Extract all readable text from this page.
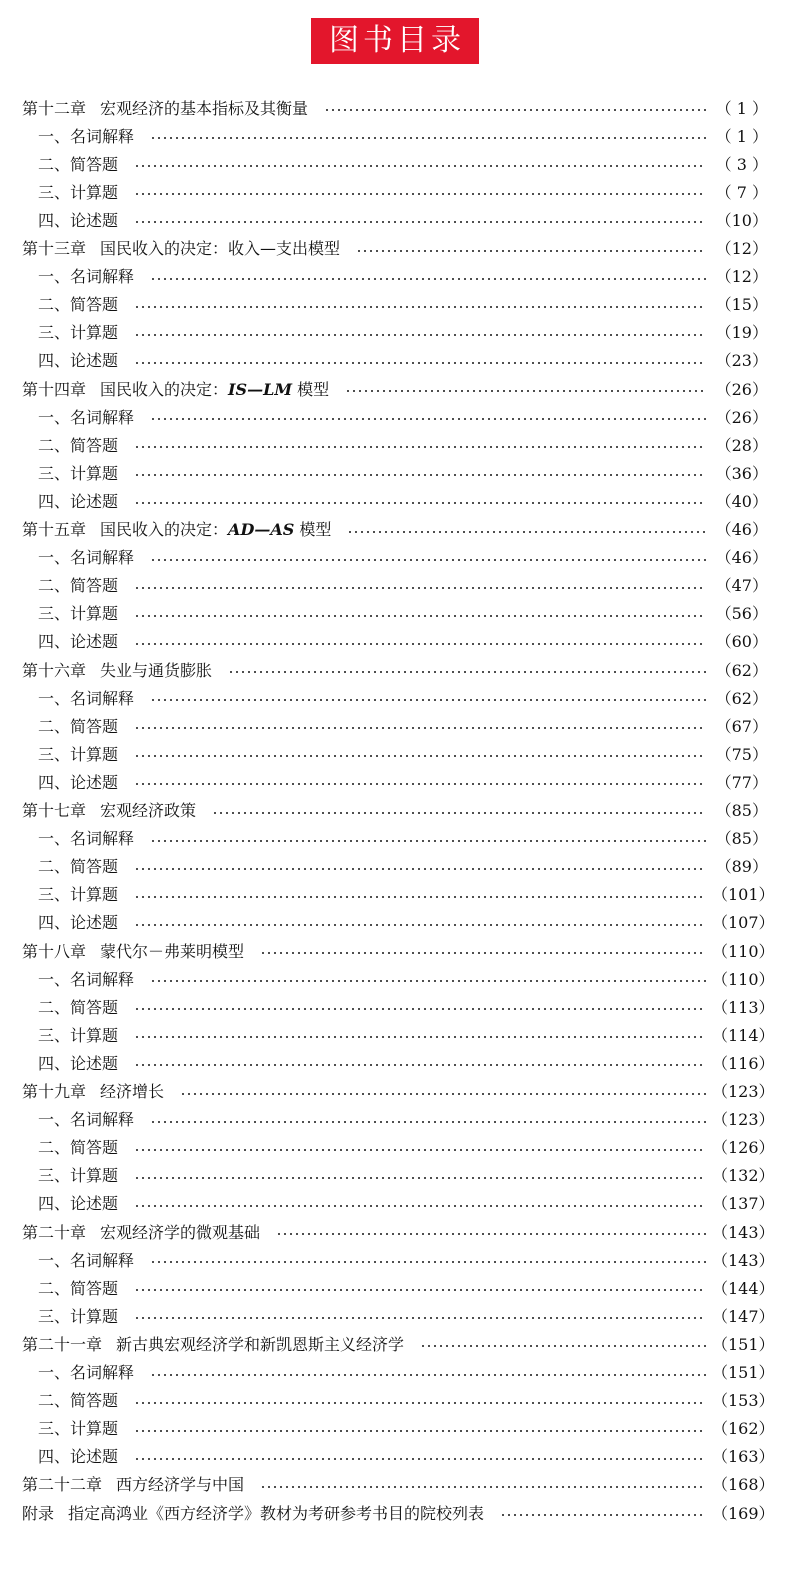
图书目录
第十二章 宏观经济的基本指标及其衡量	（ 1 ）
一、名词解释	（ 1 ）
二、简答题	（ 3 ）
三、计算题	（ 7 ）
四、论述题	（10）
第十三章 国民收入的决定：收入—支出模型	（12）
一、名词解释	（12）
二、简答题	（15）
三、计算题	（19）
四、论述题	（23）
第十四章 国民收入的决定：IS—LM 模型	（26）
一、名词解释	（26）
二、简答题	（28）
三、计算题	（36）
四、论述题	（40）
第十五章 国民收入的决定：AD—AS 模型	（46）
一、名词解释	（46）
二、简答题	（47）
三、计算题	（56）
四、论述题	（60）
第十六章 失业与通货膨胀	（62）
一、名词解释	（62）
二、简答题	（67）
三、计算题	（75）
四、论述题	（77）
第十七章 宏观经济政策	（85）
一、名词解释	（85）
二、简答题	（89）
三、计算题	（101）
四、论述题	（107）
第十八章 蒙代尔－弗莱明模型	（110）
一、名词解释	（110）
二、简答题	（113）
三、计算题	（114）
四、论述题	（116）
第十九章 经济增长	（123）
一、名词解释	（123）
二、简答题	（126）
三、计算题	（132）
四、论述题	（137）
第二十章 宏观经济学的微观基础	（143）
一、名词解释	（143）
二、简答题	（144）
三、计算题	（147）
第二十一章 新古典宏观经济学和新凯恩斯主义经济学	（151）
一、名词解释	（151）
二、简答题	（153）
三、计算题	（162）
四、论述题	（163）
第二十二章 西方经济学与中国	（168）
附录 指定高鸿业《西方经济学》教材为考研参考书目的院校列表	（169）
